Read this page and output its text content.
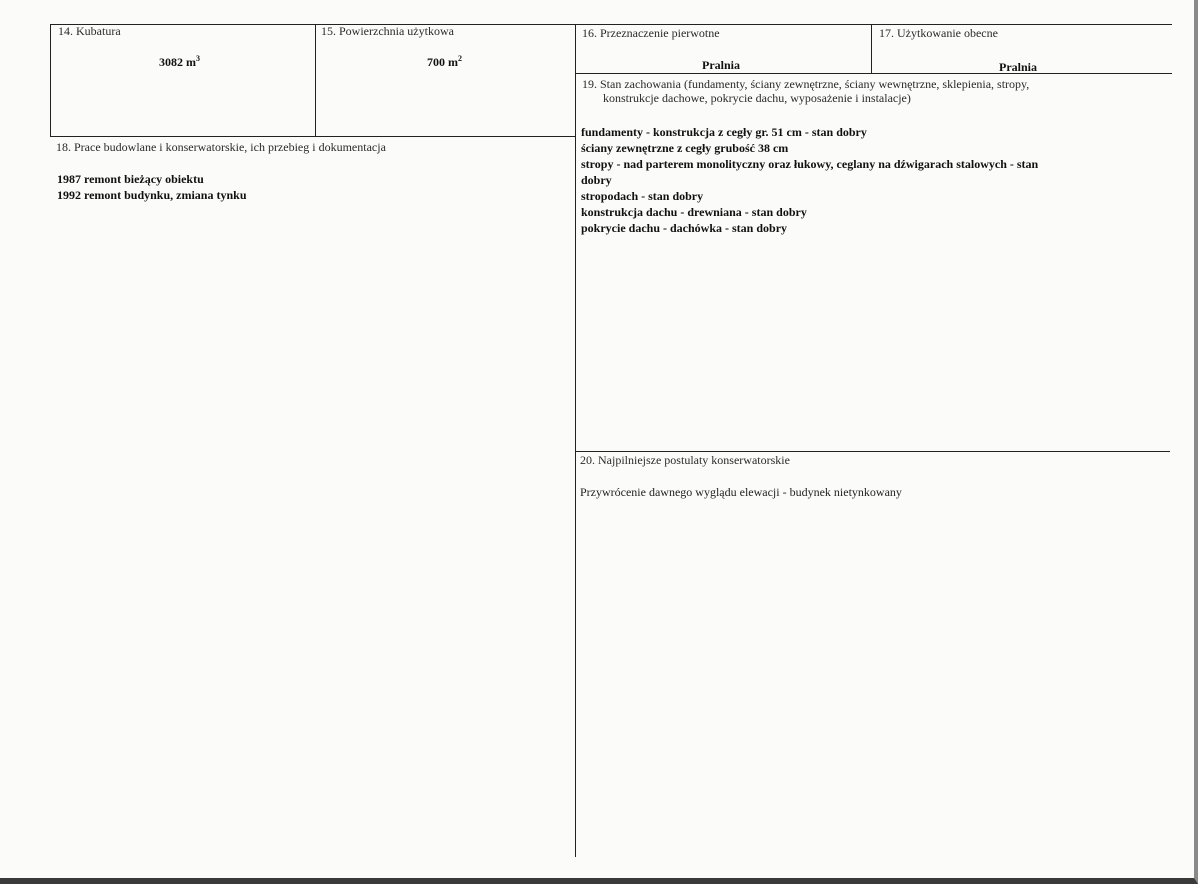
14. Kubatura
3082 $m^3$
15. Powierzchnia użytkowa
700 $m^2$
16. Przeznaczenie pierwotne
Pralnia
17. Użytkowanie obecne
Pralnia
19. Stan zachowania (fundamenty, ściany zewnętrzne, ściany wewnętrzne, sklepienia, stropy,
konstrukcje dachowe, pokrycie dachu, wyposażenie i instalacje)
fundamenty - konstrukcja z cegły gr. 51 cm - stan dobry
ściany zewnętrzne z cegły grubość 38 cm
stropy - nad parterem monolityczny oraz łukowy, ceglany na dźwigarach stalowych - stan
dobry
stropodach - stan dobry
konstrukcja dachu - drewniana - stan dobry
pokrycie dachu - dachówka - stan dobry
18. Prace budowlane i konserwatorskie, ich przebieg i dokumentacja
1987 remont bieżący obiektu
1992 remont budynku, zmiana tynku
20. Najpilniejsze postulaty konserwatorskie
Przywrócenie dawnego wyglądu elewacji - budynek nietynkowany
